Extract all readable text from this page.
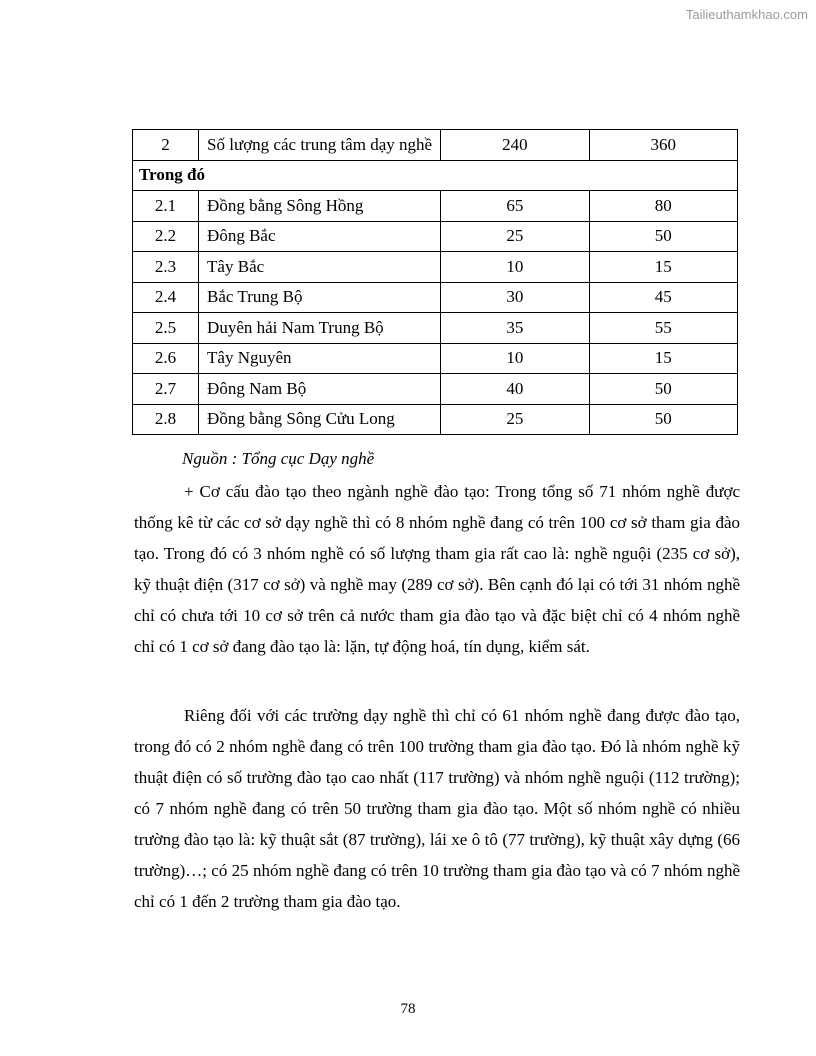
Tailieuthamkhao.com
2	Số lượng các trung tâm dạy nghề	240	360
Trong đó			
2.1	Đồng bằng Sông Hồng	65	80
2.2	Đông Bắc	25	50
2.3	Tây Bắc	10	15
2.4	Bắc Trung Bộ	30	45
2.5	Duyên hải Nam Trung Bộ	35	55
2.6	Tây Nguyên	10	15
2.7	Đông Nam Bộ	40	50
2.8	Đồng bằng Sông Cửu Long	25	50
Nguồn : Tổng cục Dạy nghề

+ Cơ cấu đào tạo theo ngành nghề đào tạo: Trong tổng số 71 nhóm nghề được thống kê từ các cơ sở dạy nghề thì có 8 nhóm nghề đang có trên 100 cơ sở tham gia đào tạo. Trong đó có 3 nhóm nghề có số lượng tham gia rất cao là: nghề nguội (235 cơ sở), kỹ thuật điện (317 cơ sở) và nghề may (289 cơ sở). Bên cạnh đó lại có tới 31 nhóm nghề chỉ có chưa tới 10 cơ sở trên cả nước tham gia đào tạo và đặc biệt chỉ có 4 nhóm nghề chỉ có 1 cơ sở đang đào tạo là: lặn, tự động hoá, tín dụng, kiểm sát.

Riêng đối với các trường dạy nghề thì chỉ có 61 nhóm nghề đang được đào tạo, trong đó có 2 nhóm nghề đang có trên 100 trường tham gia đào tạo. Đó là nhóm nghề kỹ thuật điện có số trường đào tạo cao nhất (117 trường) và nhóm nghề nguội (112 trường); có 7 nhóm nghề đang có trên 50 trường tham gia đào tạo. Một số nhóm nghề có nhiều trường đào tạo là: kỹ thuật sắt (87 trường), lái xe ô tô (77 trường), kỹ thuật xây dựng (66 trường)…; có 25 nhóm nghề đang có trên 10 trường tham gia đào tạo và có 7 nhóm nghề chỉ có 1 đến 2 trường tham gia đào tạo.

78
